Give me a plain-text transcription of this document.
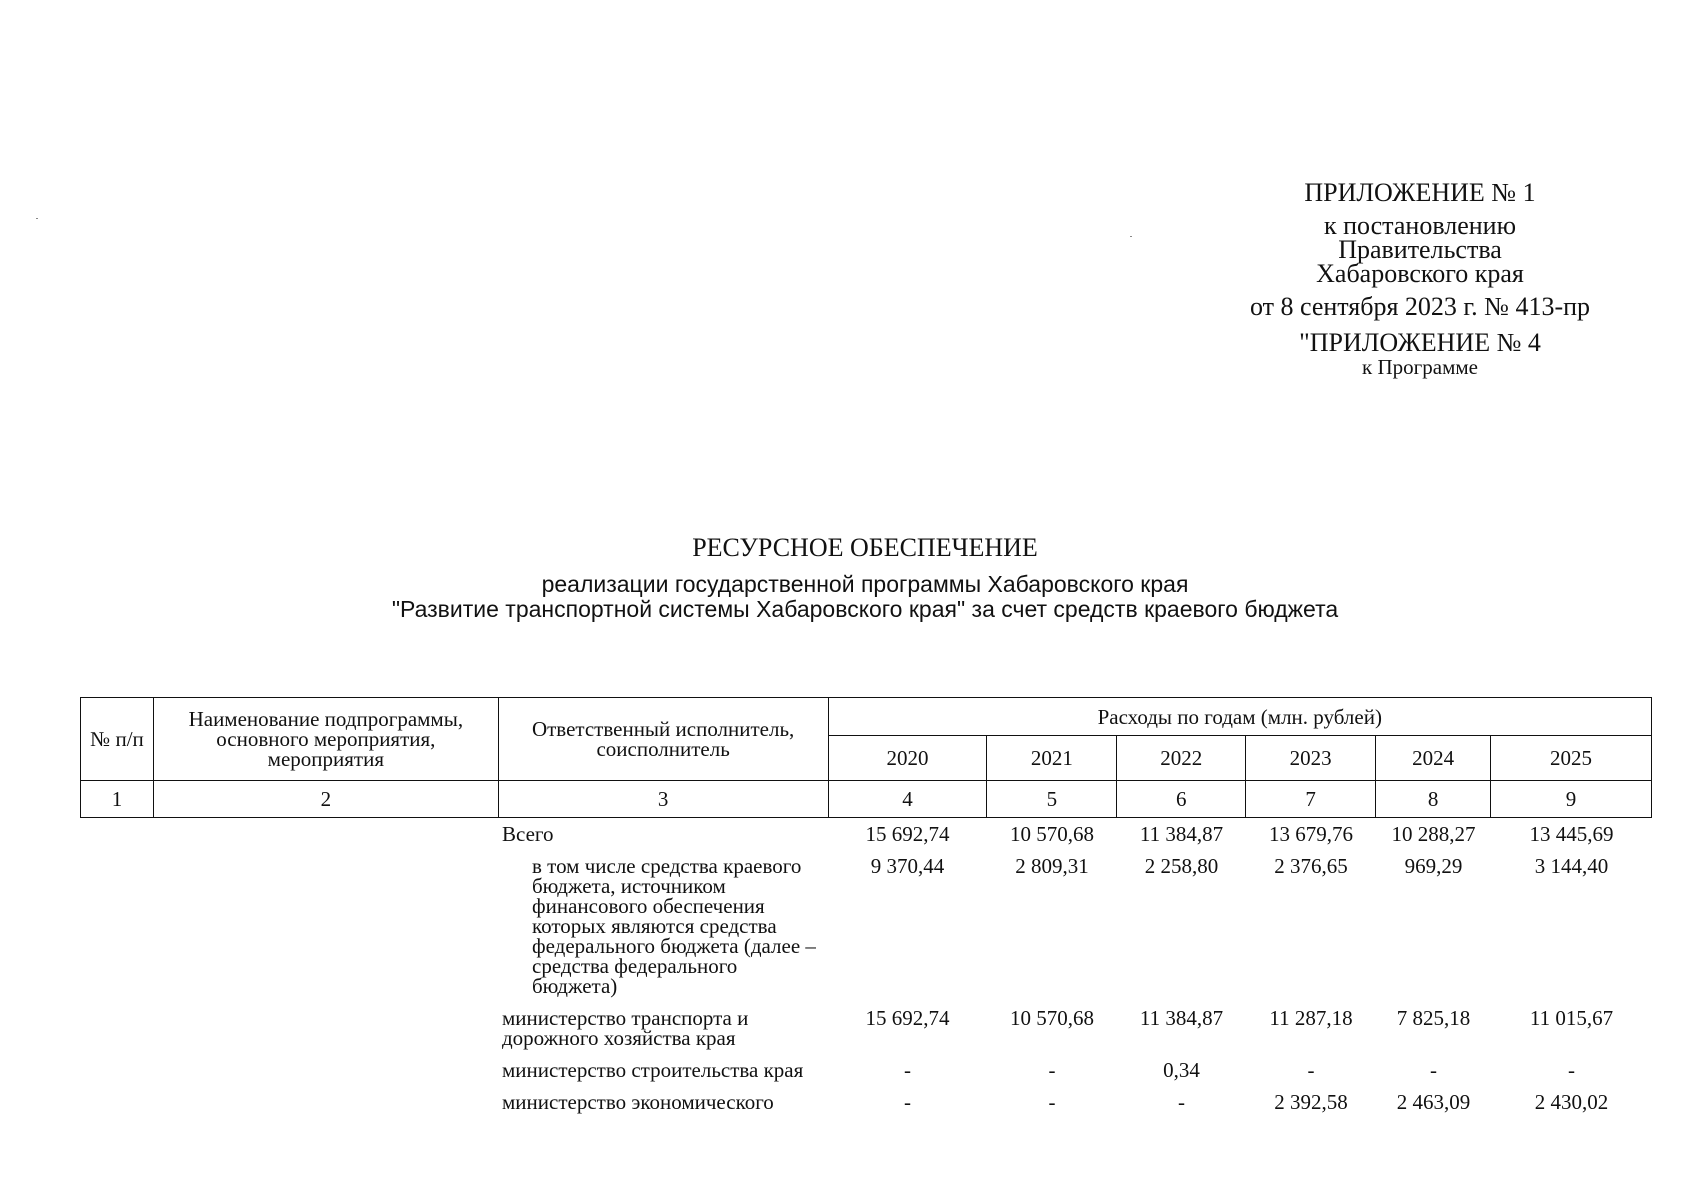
ПРИЛОЖЕНИЕ № 1
к постановлению
Правительства
Хабаровского края
от 8 сентября 2023 г. № 413-пр
"ПРИЛОЖЕНИЕ № 4
к Программе
РЕСУРСНОЕ ОБЕСПЕЧЕНИЕ
реализации государственной программы Хабаровского края
"Развитие транспортной системы Хабаровского края" за счет средств краевого бюджета
№ п/п	Наименование подпрограммы, основного мероприятия, мероприятия	Ответственный исполнитель, соисполнитель	Расходы по годам (млн. рублей)					
			2020	2021	2022	2023	2024	2025
1	2	3	4	5	6	7	8	9
		Всего	15 692,74	10 570,68	11 384,87	13 679,76	10 288,27	13 445,69
		в том числе средства краевого бюджета, источником финансового обеспечения которых являются средства федерального бюджета (далее – средства федерального бюджета)	9 370,44	2 809,31	2 258,80	2 376,65	969,29	3 144,40
		министерство транспорта и дорожного хозяйства края	15 692,74	10 570,68	11 384,87	11 287,18	7 825,18	11 015,67
		министерство строительства края	-	-	0,34	-	-	-
		министерство экономического	-	-	-	2 392,58	2 463,09	2 430,02
